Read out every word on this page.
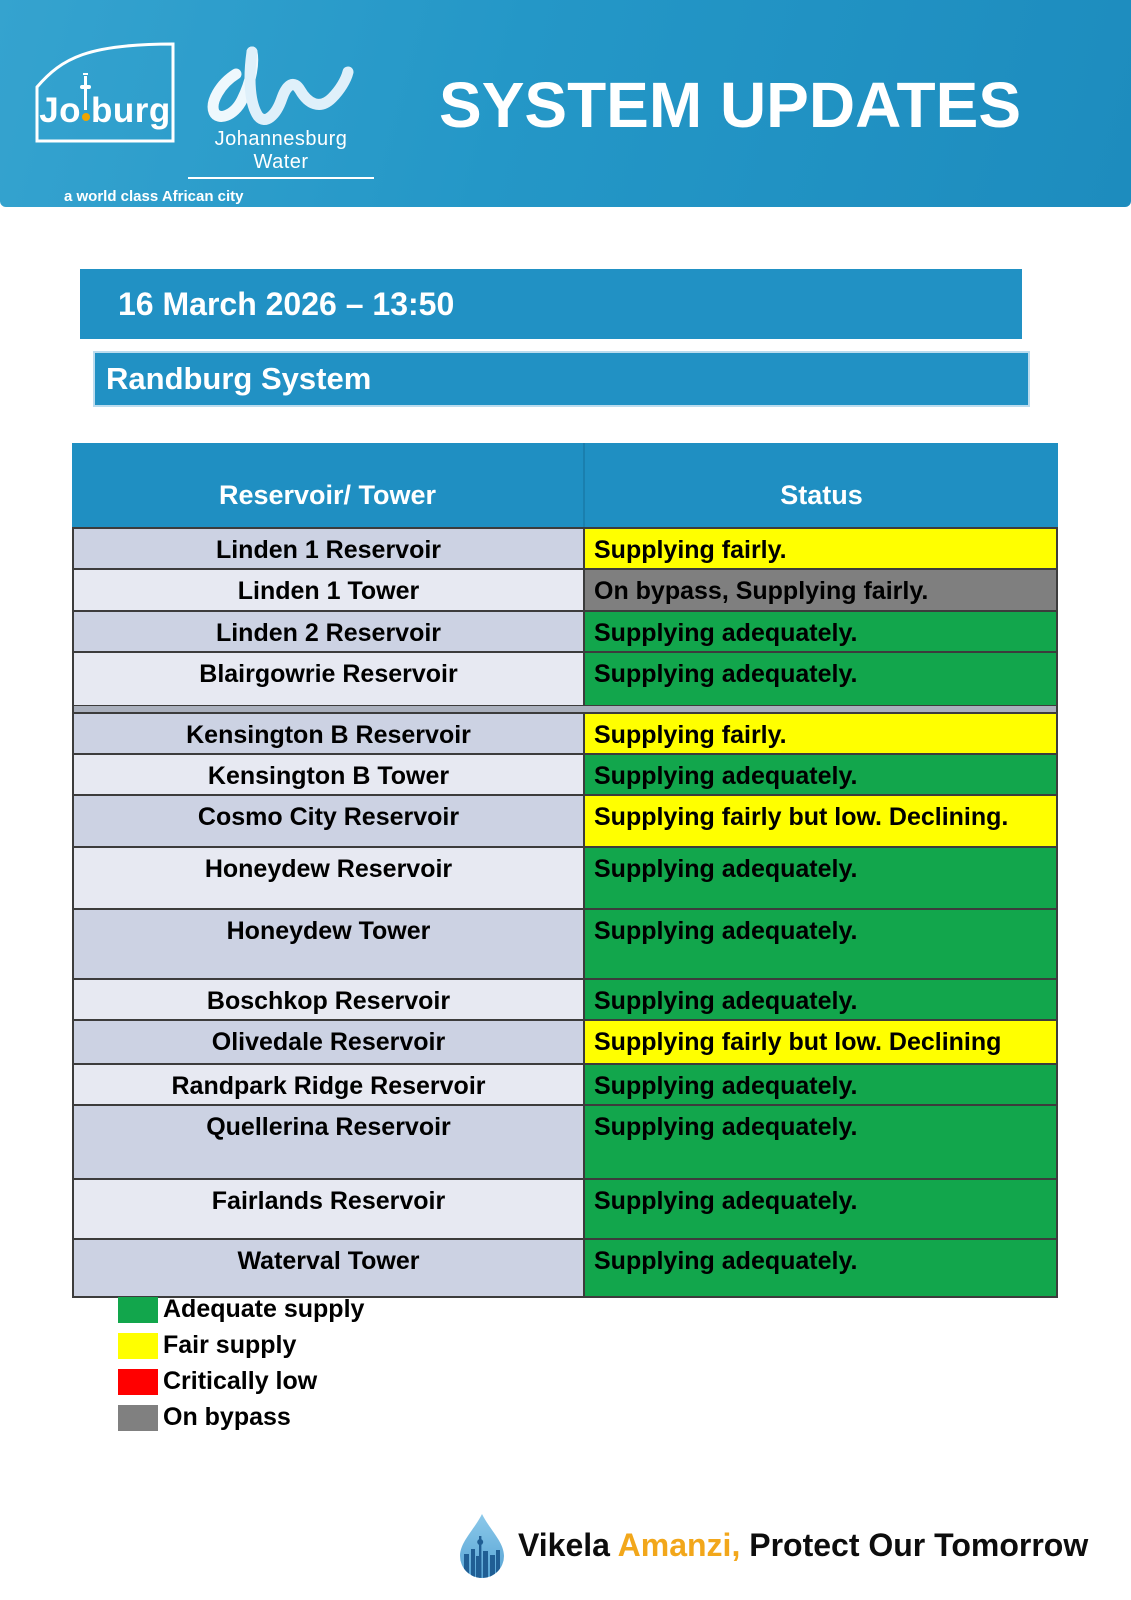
Jo burg
a world class African city
Johannesburg Water
SYSTEM UPDATES
16 March 2026 – 13:50
Randburg System
Reservoir/ Tower	Status
Linden 1 Reservoir	Supplying fairly.
Linden 1 Tower	On bypass, Supplying fairly.
Linden 2 Reservoir	Supplying adequately.
Blairgowrie Reservoir	Supplying adequately.
Kensington B Reservoir	Supplying fairly.
Kensington B Tower	Supplying adequately.
Cosmo City Reservoir	Supplying fairly but low. Declining.
Honeydew Reservoir	Supplying adequately.
Honeydew Tower	Supplying adequately.
Boschkop Reservoir	Supplying adequately.
Olivedale Reservoir	Supplying fairly but low. Declining
Randpark Ridge Reservoir	Supplying adequately.
Quellerina Reservoir	Supplying adequately.
Fairlands Reservoir	Supplying adequately.
Waterval Tower	Supplying adequately.
Adequate supply
Fair supply
Critically low
On bypass
Vikela Amanzi, Protect Our Tomorrow
